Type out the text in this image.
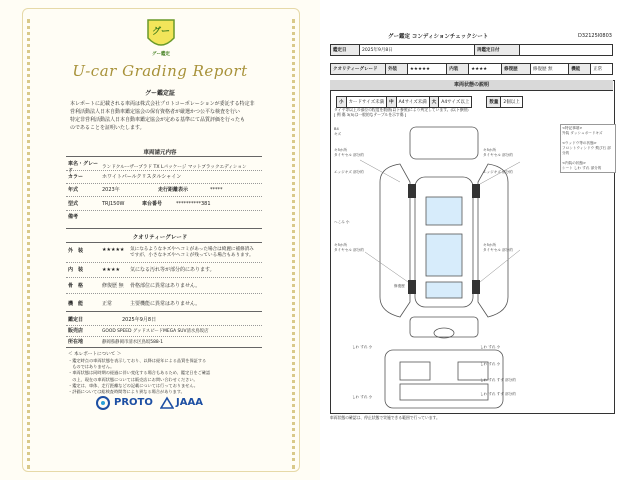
グー
グー鑑定
U-car Grading Report
グー鑑定証
本レポートに記載される車両は株式会社プロトコーポレーションが委託する特定非
営利活動法人日本自動車鑑定協会の保有資格者が厳選かつ公平な検査を行い
特定非営利活動法人日本自動車鑑定協会が定める基準にて品質評価を行ったも
のであることを証明いたします。
車両請元内容
車名・グレード
ランドクルーザープラド TX Lパッケージ マットブラックエディション
カラー	ホワイトパールクリスタルシャイン
年式	2023年	走行距離表示	*****
型式	TRJ150W	車台番号	**********381
備考
クオリティーグレード
外　装	★★★★★	気になるようなキズやヘコミがあった場合は綺麗に補修済み
ですが、小さなキズやヘコミが残っている場合もあります。
内　装	★★★★	気になる汚れ等が部分的にあります。
骨　格	修復歴 無	骨格部位に異常はありません。
機　能	正常	主要機能に異常はありません。
鑑定日	2025年9月8日
販売店	GOOD SPEED グッドスピードMEGA SUV清水鳥坂店
所在地	静岡県静岡市清水区鳥坂588-1
＜ 本レポートについて ＞
・鑑定時点の車両状態を表示しており、以降は経年による品質を保証する
　ものではありません。
・車両状態は同時期の経過に伴い変化する場合もあるため、鑑定日をご確認
　の上、現在の車両状態については販売店にお問い合わせください。
・鑑定は、車体、走行距離などの記載については行っておりません。
・評価については総検査時間等により異なる場合があります。
PROTO JAAA
グー鑑定 コンディションチェックシート	D32125I0803
鑑定日	2025年9月8日	再鑑定日付	
クオリティーグレード	外装	★★★★★	内装	★★★★	修復歴	修復歴 無	機能	正常
車両状態の説明
小	カードサイズ未満	中	A4サイズ未満	大	A4サイズ以上		数量	2個以上
タイヤ等以上の部位の程度を数値(以下参照)により判定しています。(以下参照)
[ 例 傷 3(5)は一般的なテーブルを示す傷 ]
B4
キズ
キ5か所
タイヤセル 部分的
エッジキズ 部分的
へこみ 小
キ5か所
タイヤセル 部分的
キ5か所
タイヤセル 部分的
エッジキズ 部分的
キ5か所
タイヤセル 部分的
<特記事項>
外装 ダッシュボードキズ

<ウッドウ等の状態>
フロントウィンドウ 飛び石 部分的

<内装の状態>
シート しわ すれ 部分的
しわ すれ 小
しわ すれ 小
しわ すれ すず 部分的
しわ すれ すず 部分的
しわ すれ 小
しわ すれ 小
修復歴
車両状態の確認は、停止状態で実施できる範囲で行っています。
